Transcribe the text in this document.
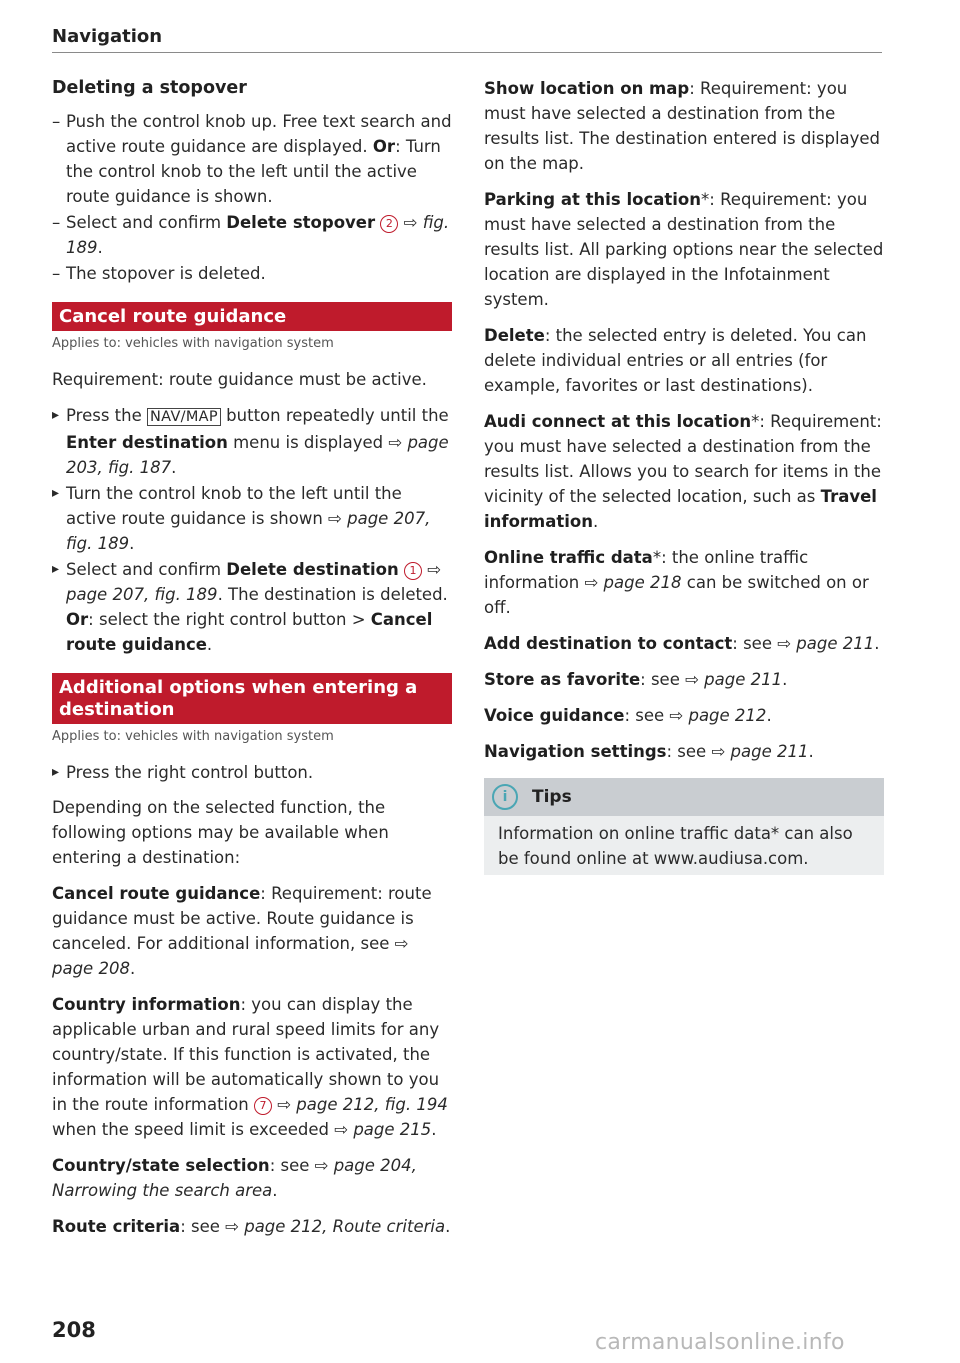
Navigation
Deleting a stopover
– Push the control knob up. Free text search and active route guidance are displayed. Or: Turn the control knob to the left until the active route guidance is shown.
– Select and confirm Delete stopover 2 ⇨ fig. 189.
– The stopover is deleted.
Cancel route guidance
Applies to: vehicles with navigation system

Requirement: route guidance must be active.

▸ Press the NAV/MAP button repeatedly until the Enter destination menu is displayed ⇨ page 203, fig. 187.
▸ Turn the control knob to the left until the active route guidance is shown ⇨ page 207, fig. 189.
▸ Select and confirm Delete destination 1 ⇨ page 207, fig. 189. The destination is deleted. Or: select the right control button > Cancel route guidance.
Additional options when entering a destination
Applies to: vehicles with navigation system
▸ Press the right control button.

Depending on the selected function, the following options may be available when entering a destination:

Cancel route guidance: Requirement: route guidance must be active. Route guidance is canceled. For additional information, see ⇨ page 208.

Country information: you can display the applicable urban and rural speed limits for any country/state. If this function is activated, the information will be automatically shown to you in the route information 7 ⇨ page 212, fig. 194 when the speed limit is exceeded ⇨ page 215.

Country/state selection: see ⇨ page 204, Narrowing the search area.

Route criteria: see ⇨ page 212, Route criteria.

Show location on map: Requirement: you must have selected a destination from the results list. The destination entered is displayed on the map.

Parking at this location*: Requirement: you must have selected a destination from the results list. All parking options near the selected location are displayed in the Infotainment system.

Delete: the selected entry is deleted. You can delete individual entries or all entries (for example, favorites or last destinations).

Audi connect at this location*: Requirement: you must have selected a destination from the results list. Allows you to search for items in the vicinity of the selected location, such as Travel information.

Online traffic data*: the online traffic information ⇨ page 218 can be switched on or off.

Add destination to contact: see ⇨ page 211.

Store as favorite: see ⇨ page 211.

Voice guidance: see ⇨ page 212.

Navigation settings: see ⇨ page 211.

i	Tips
Information on online traffic data* can also be found online at www.audiusa.com.
208	carmanualsonline.info
